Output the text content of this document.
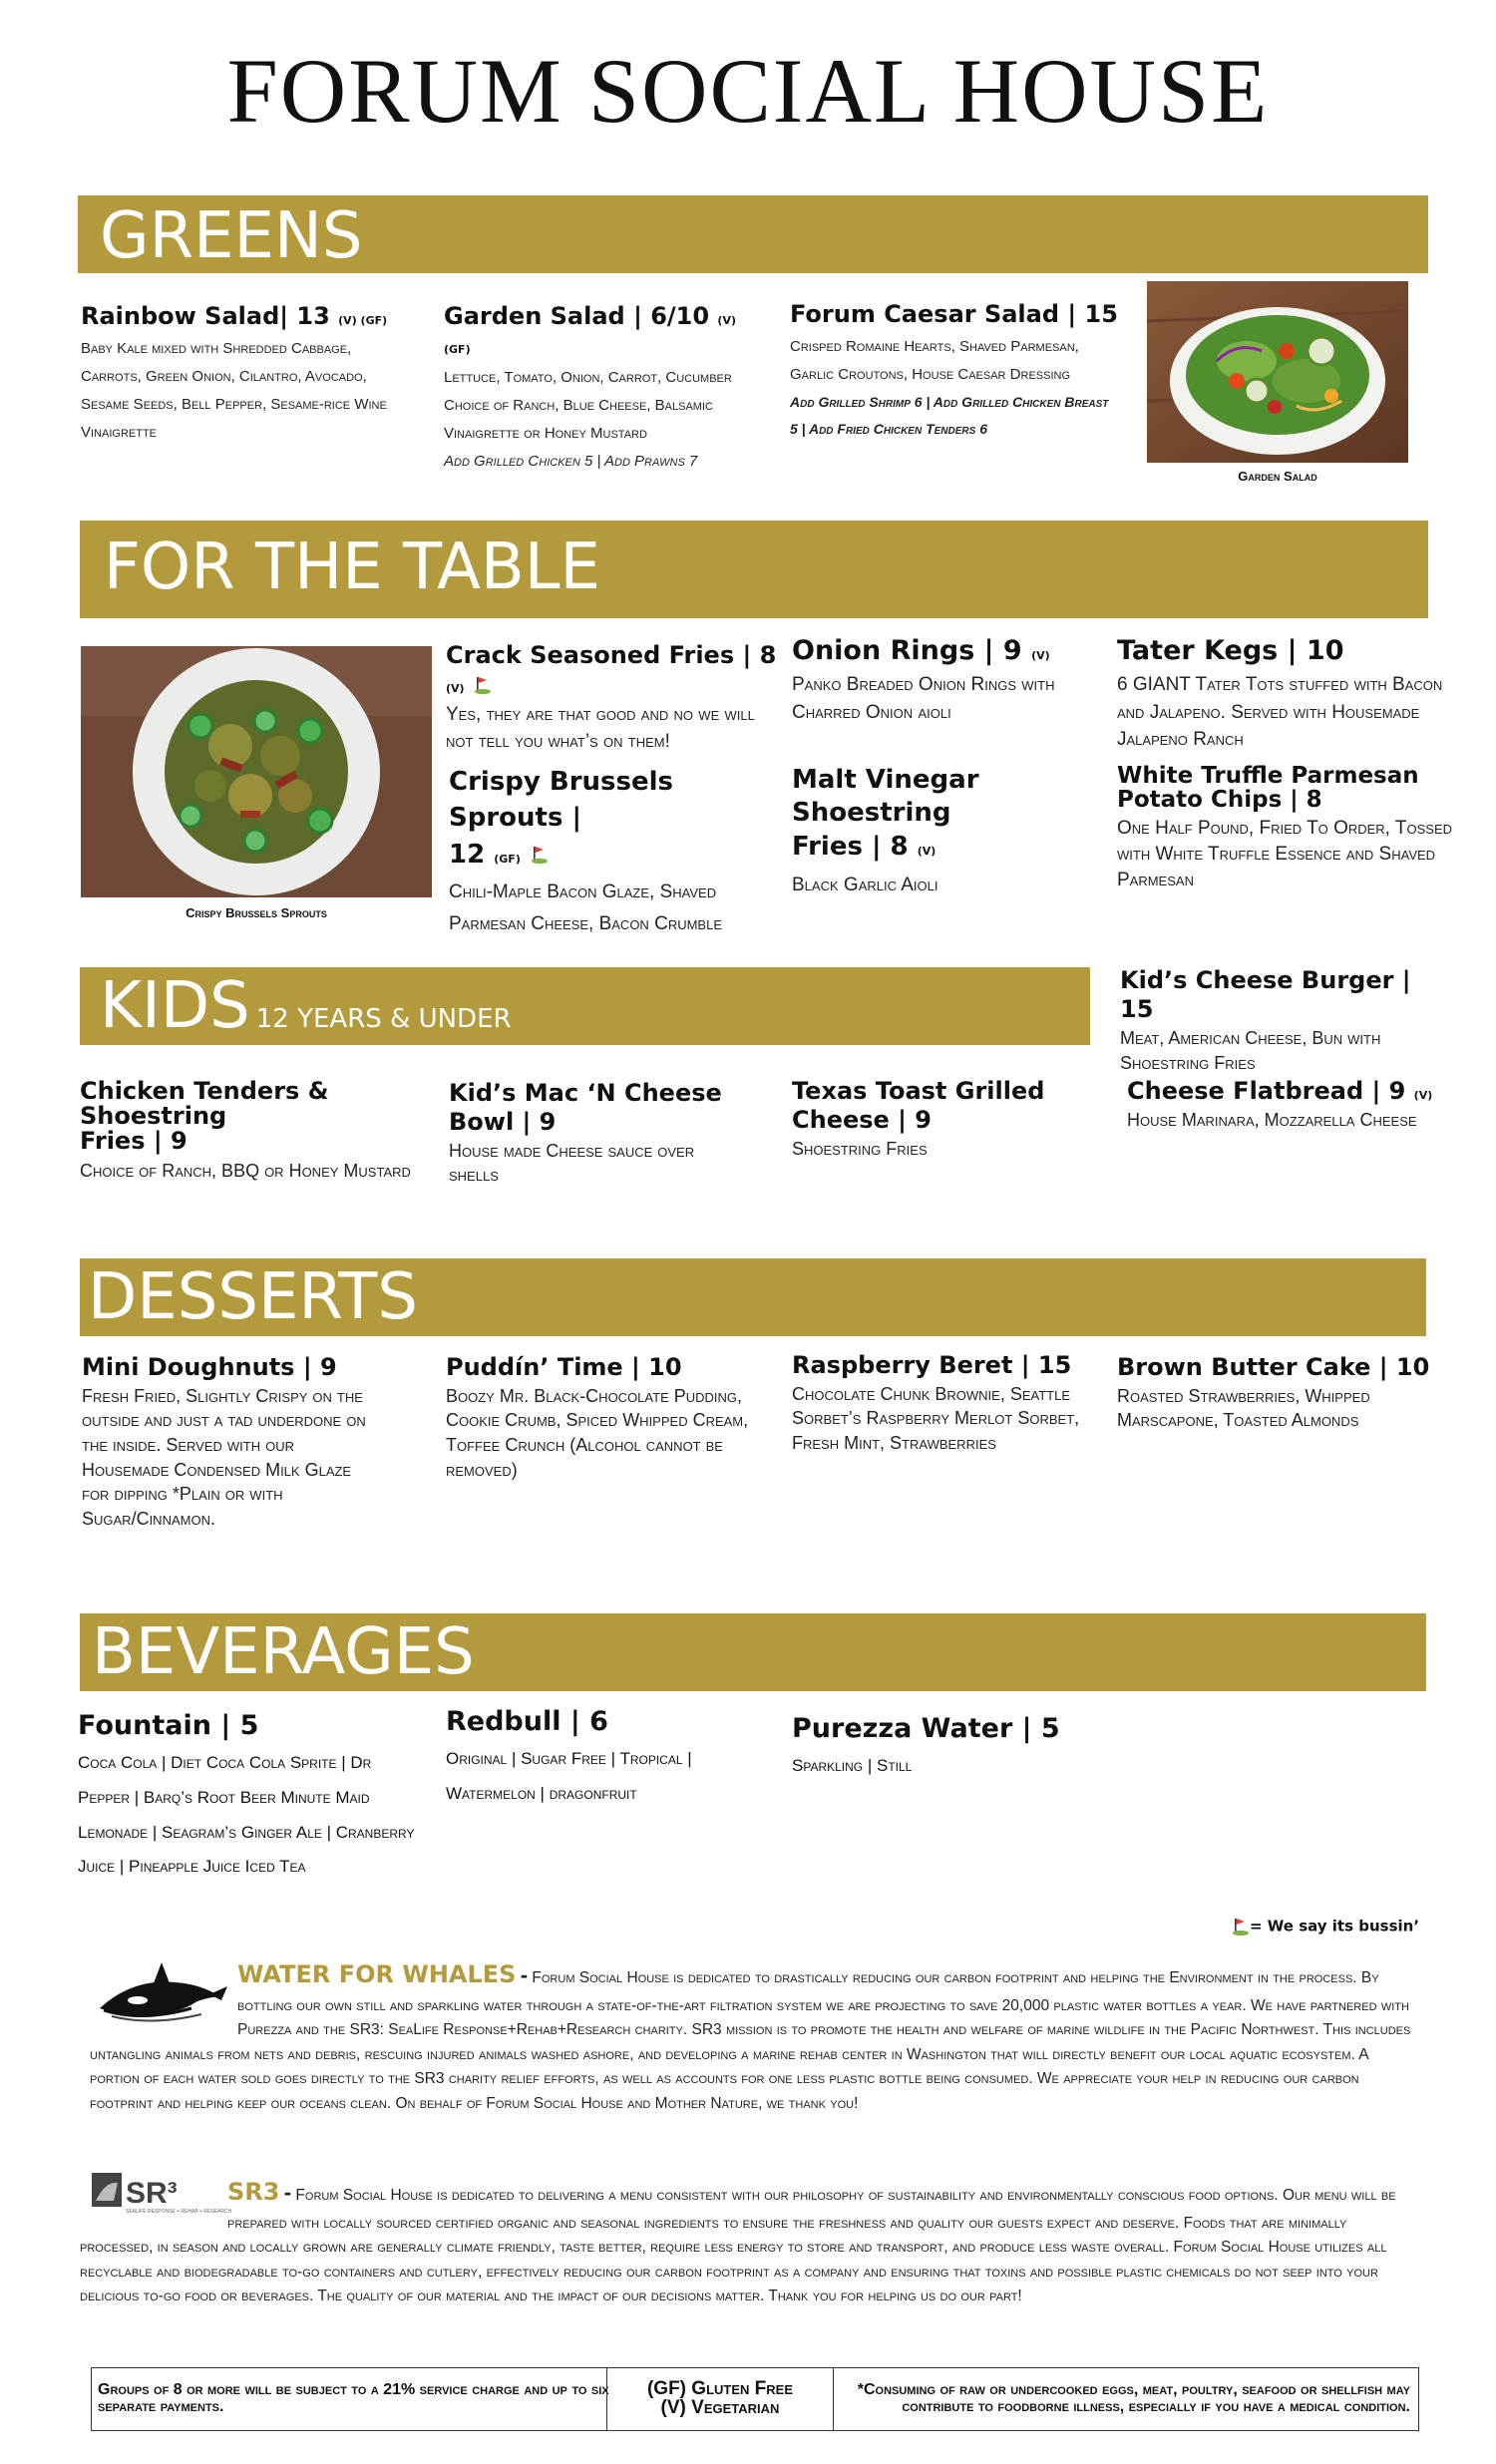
FORUM SOCIAL HOUSE
GREENS
Rainbow Salad| 13 (V) (GF)
Baby Kale mixed with Shredded Cabbage, Carrots, Green Onion, Cilantro, Avocado, Sesame Seeds, Bell Pepper, Sesame-rice Wine Vinaigrette
Garden Salad | 6/10 (V) (GF)
Lettuce, Tomato, Onion, Carrot, Cucumber Choice of Ranch, Blue Cheese, Balsamic Vinaigrette or Honey Mustard
Add Grilled Chicken 5 | Add Prawns 7
Forum Caesar Salad | 15
Crisped Romaine Hearts, Shaved Parmesan, Garlic Croutons, House Caesar Dressing
Add Grilled Shrimp 6 | Add Grilled Chicken Breast 5 | Add Fried Chicken Tenders 6
Garden Salad
FOR THE TABLE
Crispy Brussels Sprouts
Crack Seasoned Fries | 8 (V)
Yes, they are that good and no we will not tell you what’s on them!
Onion Rings | 9 (V)
Panko Breaded Onion Rings with Charred Onion aioli
Tater Kegs | 10
6 GIANT Tater Tots stuffed with Bacon and Jalapeno. Served with Housemade Jalapeno Ranch
Crispy Brussels Sprouts |
12 (GF)
Chili-Maple Bacon Glaze, Shaved Parmesan Cheese, Bacon Crumble
Malt Vinegar Shoestring
Fries | 8 (V)
Black Garlic Aioli
White Truffle Parmesan
Potato Chips | 8
One Half Pound, Fried To Order, Tossed with White Truffle Essence and Shaved Parmesan
KIDS 12 YEARS & UNDER
Kid’s Cheese Burger | 15
Meat, American Cheese, Bun with Shoestring Fries
Chicken Tenders & Shoestring
Fries | 9
Choice of Ranch, BBQ or Honey Mustard
Kid’s Mac ‘N Cheese Bowl | 9
House made Cheese sauce over shells
Texas Toast Grilled Cheese | 9
Shoestring Fries
Cheese Flatbread | 9 (V)
House Marinara, Mozzarella Cheese
DESSERTS
Mini Doughnuts | 9
Fresh Fried, Slightly Crispy on the outside and just a tad underdone on the inside. Served with our Housemade Condensed Milk Glaze for dipping *Plain or with Sugar/Cinnamon.
Puddín’ Time | 10
Boozy Mr. Black-Chocolate Pudding, Cookie Crumb, Spiced Whipped Cream, Toffee Crunch (Alcohol cannot be removed)
Raspberry Beret | 15
Chocolate Chunk Brownie, Seattle Sorbet’s Raspberry Merlot Sorbet, Fresh Mint, Strawberries
Brown Butter Cake | 10
Roasted Strawberries, Whipped Marscapone, Toasted Almonds
BEVERAGES
Fountain | 5
Coca Cola | Diet Coca Cola Sprite | Dr Pepper | Barq’s Root Beer Minute Maid Lemonade | Seagram’s Ginger Ale | Cranberry Juice | Pineapple Juice Iced Tea
Redbull | 6
Original | Sugar Free | Tropical | Watermelon | dragonfruit
Purezza Water | 5
Sparkling | Still
= We say its bussin’
WATER FOR WHALES - Forum Social House is dedicated to drastically reducing our carbon footprint and helping the Environment in the process. By bottling our own still and sparkling water through a state-of-the-art filtration system we are projecting to save 20,000 plastic water bottles a year. We have partnered with Purezza and the SR3: SeaLife Response+Rehab+Research charity. SR3 mission is to promote the health and welfare of marine wildlife in the Pacific Northwest. This includes untangling animals from nets and debris, rescuing injured animals washed ashore, and developing a marine rehab center in Washington that will directly benefit our local aquatic ecosystem. A portion of each water sold goes directly to the SR3 charity relief efforts, as well as accounts for one less plastic bottle being consumed. We appreciate your help in reducing our carbon footprint and helping keep our oceans clean. On behalf of Forum Social House and Mother Nature, we thank you!
SR³
SEALIFE RESPONSE + REHAB + RESEARCH
SR3 - Forum Social House is dedicated to delivering a menu consistent with our philosophy of sustainability and environmentally conscious food options. Our menu will be prepared with locally sourced certified organic and seasonal ingredients to ensure the freshness and quality our guests expect and deserve. Foods that are minimally processed, in season and locally grown are generally climate friendly, taste better, require less energy to store and transport, and produce less waste overall. Forum Social House utilizes all recyclable and biodegradable to-go containers and cutlery, effectively reducing our carbon footprint as a company and ensuring that toxins and possible plastic chemicals do not seep into your delicious to-go food or beverages. The quality of our material and the impact of our decisions matter. Thank you for helping us do our part!
Groups of 8 or more will be subject to a 21% service charge and up to six separate payments.
(GF) Gluten Free
(V) Vegetarian
*Consuming of raw or undercooked eggs, meat, poultry, seafood or shellfish may contribute to foodborne illness, especially if you have a medical condition.
